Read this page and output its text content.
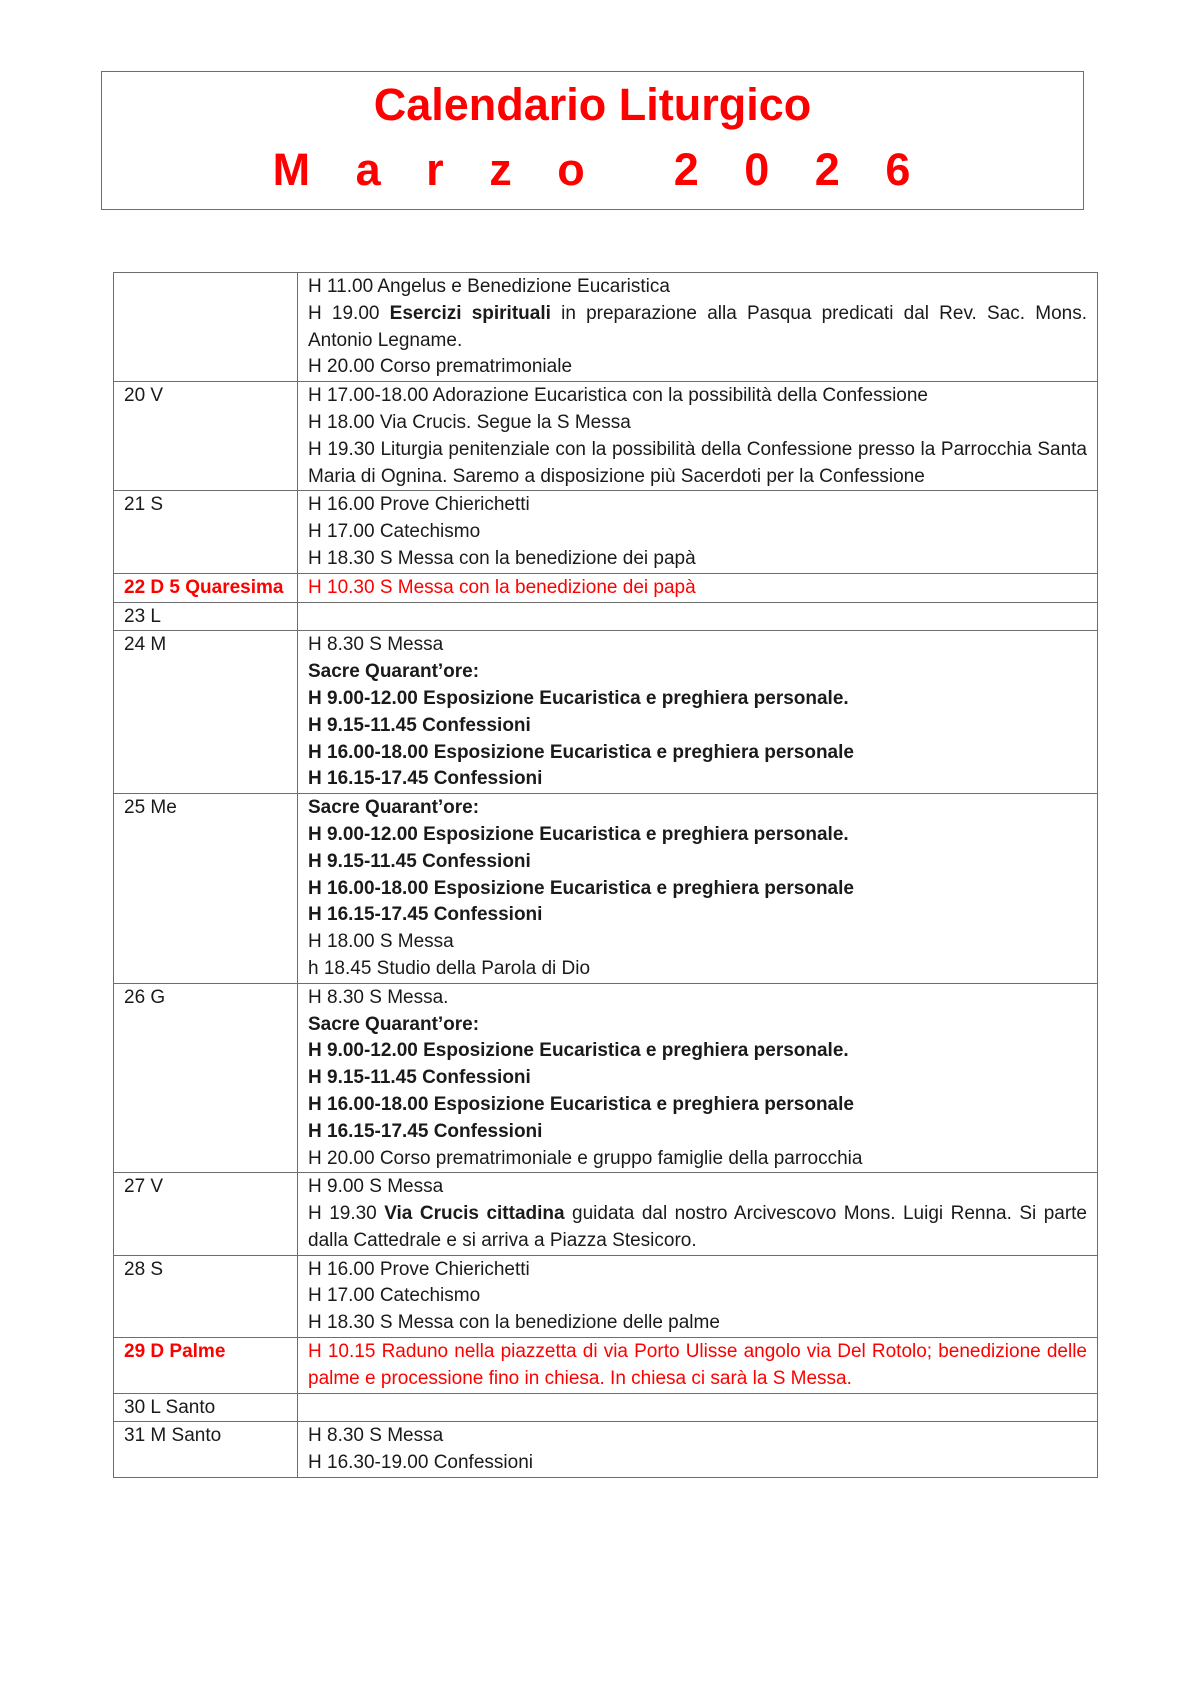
Calendario Liturgico
M   a   r   z   o      2   0   2   6

	H 11.00 Angelus e Benedizione Eucaristica
H 19.00 Esercizi spirituali in preparazione alla Pasqua predicati dal Rev. Sac. Mons. Antonio Legname.
H 20.00 Corso prematrimoniale

20 V	H 17.00-18.00 Adorazione Eucaristica con la possibilità della Confessione
H 18.00 Via Crucis. Segue la S Messa
H 19.30 Liturgia penitenziale con la possibilità della Confessione presso la Parrocchia Santa Maria di Ognina. Saremo a disposizione più Sacerdoti per la Confessione

21 S	H 16.00 Prove Chierichetti
H 17.00 Catechismo
H 18.30 S Messa con la benedizione dei papà

22 D 5 Quaresima	H 10.30 S Messa con la benedizione dei papà

23 L	
24 M	H 8.30 S Messa
Sacre Quarant’ore:
H 9.00-12.00 Esposizione Eucaristica e preghiera personale.
H 9.15-11.45 Confessioni
H 16.00-18.00 Esposizione Eucaristica e preghiera personale
H 16.15-17.45 Confessioni

25 Me	Sacre Quarant’ore:
H 9.00-12.00 Esposizione Eucaristica e preghiera personale.
H 9.15-11.45 Confessioni
H 16.00-18.00 Esposizione Eucaristica e preghiera personale
H 16.15-17.45 Confessioni
H 18.00 S Messa
h 18.45 Studio della Parola di Dio

26 G	H 8.30 S Messa.
Sacre Quarant’ore:
H 9.00-12.00 Esposizione Eucaristica e preghiera personale.
H 9.15-11.45 Confessioni
H 16.00-18.00 Esposizione Eucaristica e preghiera personale
H 16.15-17.45 Confessioni
H 20.00 Corso prematrimoniale e gruppo famiglie della parrocchia

27 V	H 9.00 S Messa
H 19.30 Via Crucis cittadina guidata dal nostro Arcivescovo Mons. Luigi Renna. Si parte dalla Cattedrale e si arriva a Piazza Stesicoro.

28 S	H 16.00 Prove Chierichetti
H 17.00 Catechismo
H 18.30 S Messa con la benedizione delle palme

29 D Palme	H 10.15 Raduno nella piazzetta di via Porto Ulisse angolo via Del Rotolo; benedizione delle palme e processione fino in chiesa. In chiesa ci sarà la S Messa.

30 L Santo	
31 M Santo	H 8.30 S Messa
H 16.30-19.00 Confessioni
